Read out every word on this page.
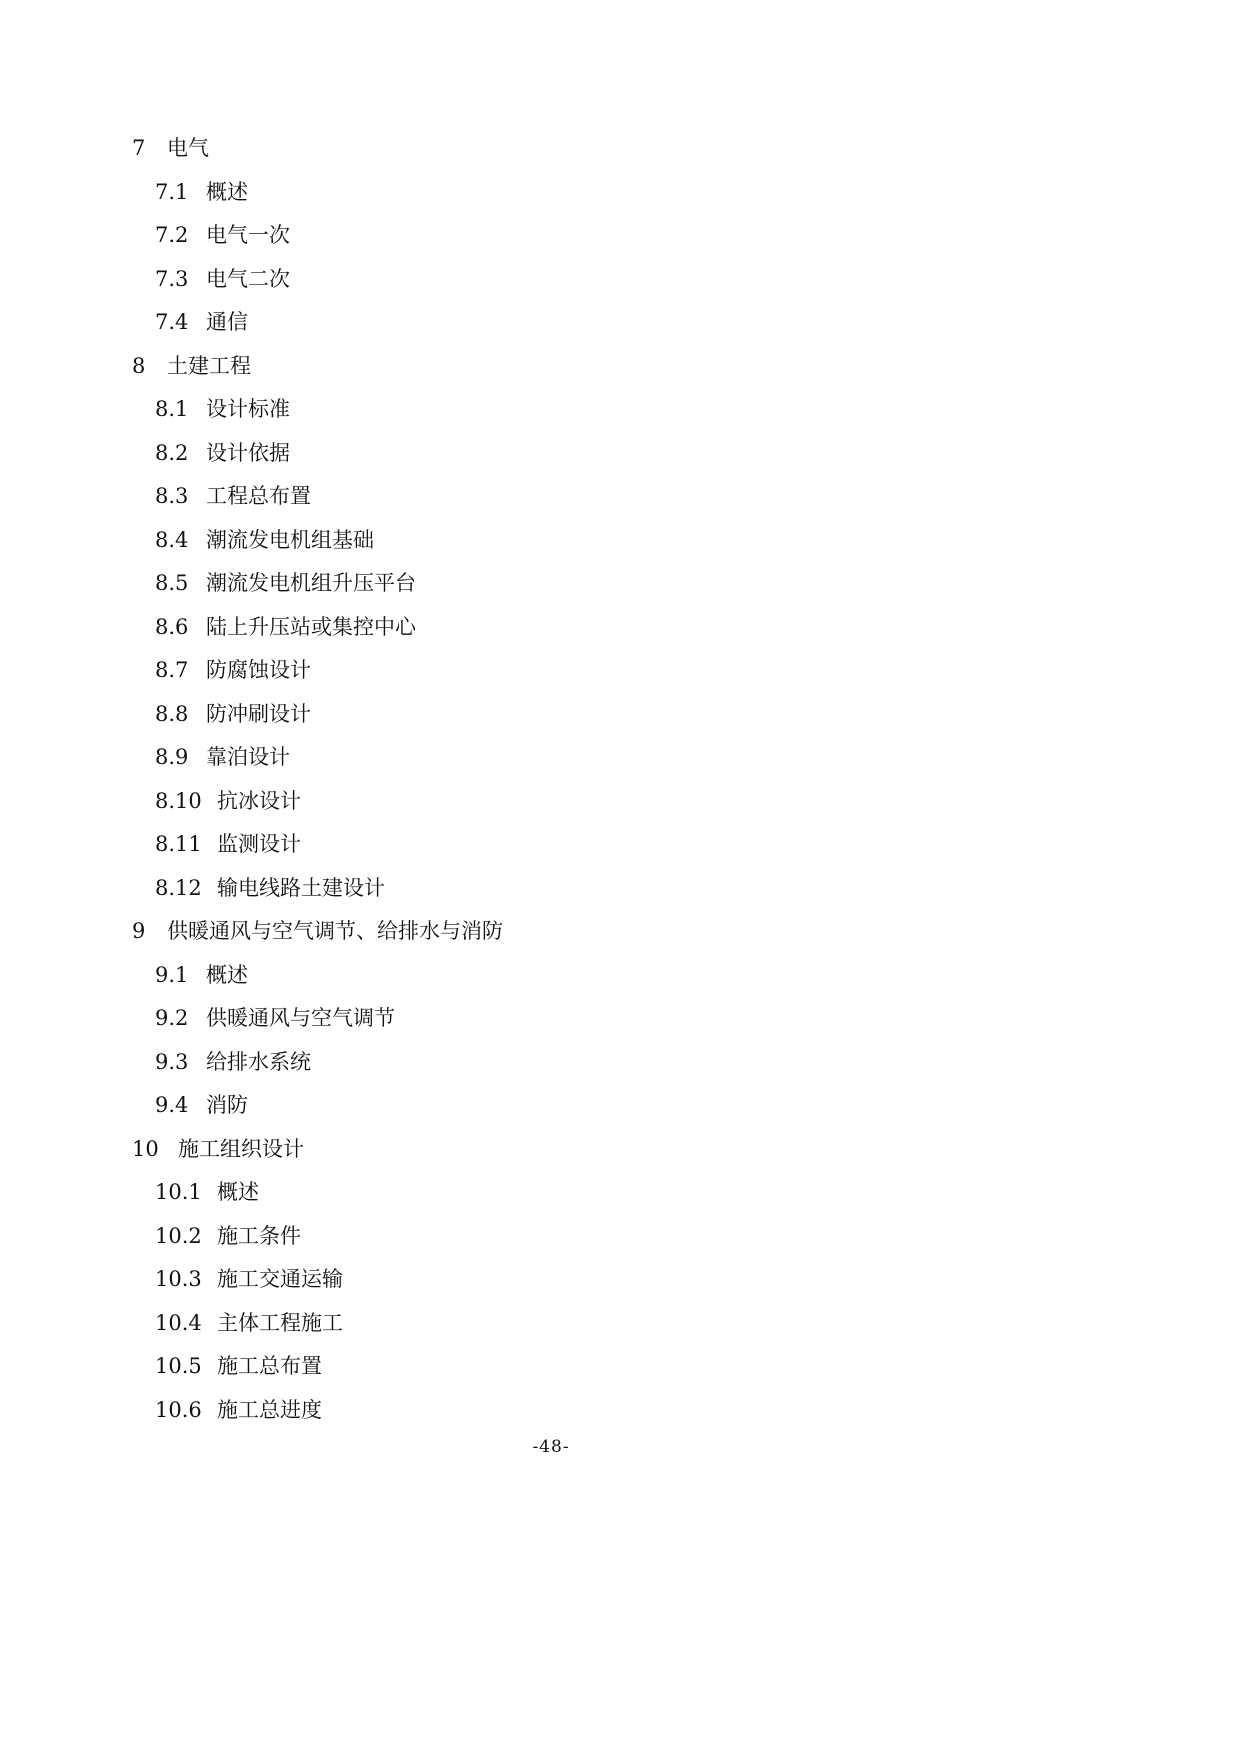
7 电气
7.1 概述
7.2 电气一次
7.3 电气二次
7.4 通信
8 土建工程
8.1 设计标准
8.2 设计依据
8.3 工程总布置
8.4 潮流发电机组基础
8.5 潮流发电机组升压平台
8.6 陆上升压站或集控中心
8.7 防腐蚀设计
8.8 防冲刷设计
8.9 靠泊设计
8.10 抗冰设计
8.11 监测设计
8.12 输电线路土建设计
9 供暖通风与空气调节、给排水与消防
9.1 概述
9.2 供暖通风与空气调节
9.3 给排水系统
9.4 消防
10 施工组织设计
10.1 概述
10.2 施工条件
10.3 施工交通运输
10.4 主体工程施工
10.5 施工总布置
10.6 施工总进度
-48-
